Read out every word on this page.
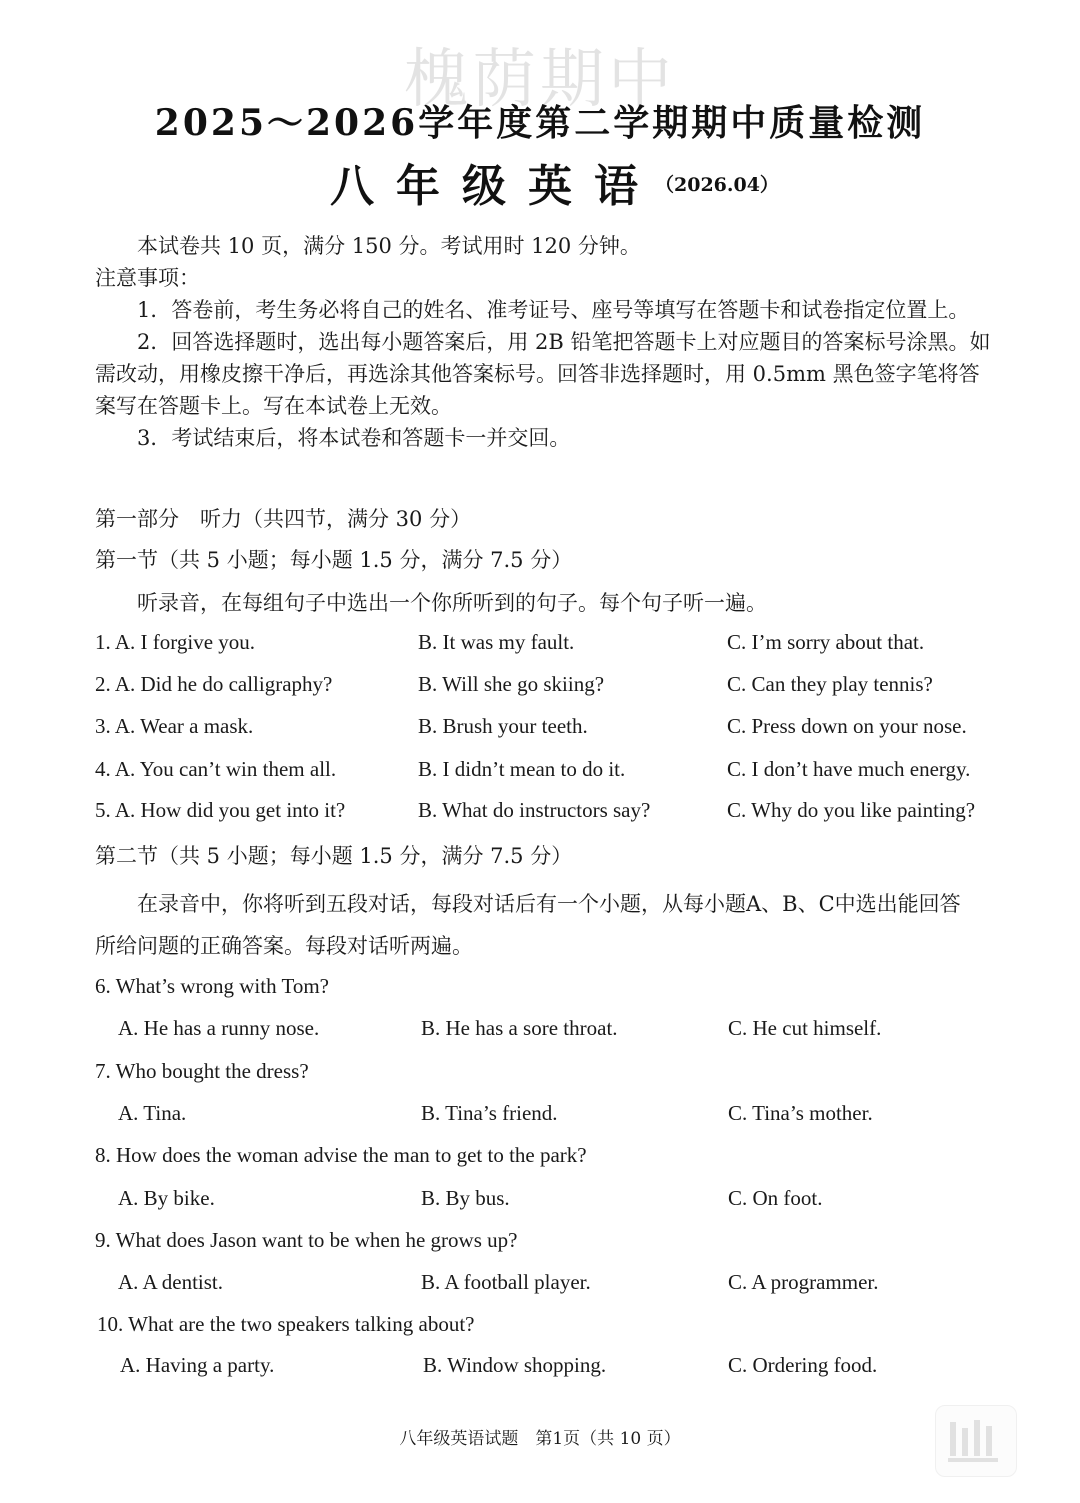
槐荫期中
2025～2026学年度第二学期期中质量检测
八年级英语
（2026.04）
本试卷共 10 页，满分 150 分。考试用时 120 分钟。
注意事项：
1．答卷前，考生务必将自己的姓名、准考证号、座号等填写在答题卡和试卷指定位置上。
2．回答选择题时，选出每小题答案后，用 2B 铅笔把答题卡上对应题目的答案标号涂黑。如
需改动，用橡皮擦干净后，再选涂其他答案标号。回答非选择题时，用 0.5mm 黑色签字笔将答
案写在答题卡上。写在本试卷上无效。
3．考试结束后，将本试卷和答题卡一并交回。
第一部分　听力（共四节，满分 30 分）
第一节（共 5 小题；每小题 1.5 分，满分 7.5 分）
听录音，在每组句子中选出一个你所听到的句子。每个句子听一遍。
1. A. I forgive you.	B. It was my fault.	C. I’m sorry about that.
2. A. Did he do calligraphy?	B. Will she go skiing?	C. Can they play tennis?
3. A. Wear a mask.	B. Brush your teeth.	C. Press down on your nose.
4. A. You can’t win them all.	B. I didn’t mean to do it.	C. I don’t have much energy.
5. A. How did you get into it?	B. What do instructors say?	C. Why do you like painting?
第二节（共 5 小题；每小题 1.5 分，满分 7.5 分）
在录音中，你将听到五段对话，每段对话后有一个小题，从每小题A、B、C中选出能回答
所给问题的正确答案。每段对话听两遍。
6. What’s wrong with Tom?
A. He has a runny nose.	B. He has a sore throat.	C. He cut himself.
7. Who bought the dress?
A. Tina.	B. Tina’s friend.	C. Tina’s mother.
8. How does the woman advise the man to get to the park?
A. By bike.	B. By bus.	C. On foot.
9. What does Jason want to be when he grows up?
A. A dentist.	B. A football player.	C. A programmer.
10. What are the two speakers talking about?
A. Having a party.	B. Window shopping.	C. Ordering food.
八年级英语试题　第1页（共 10 页）
